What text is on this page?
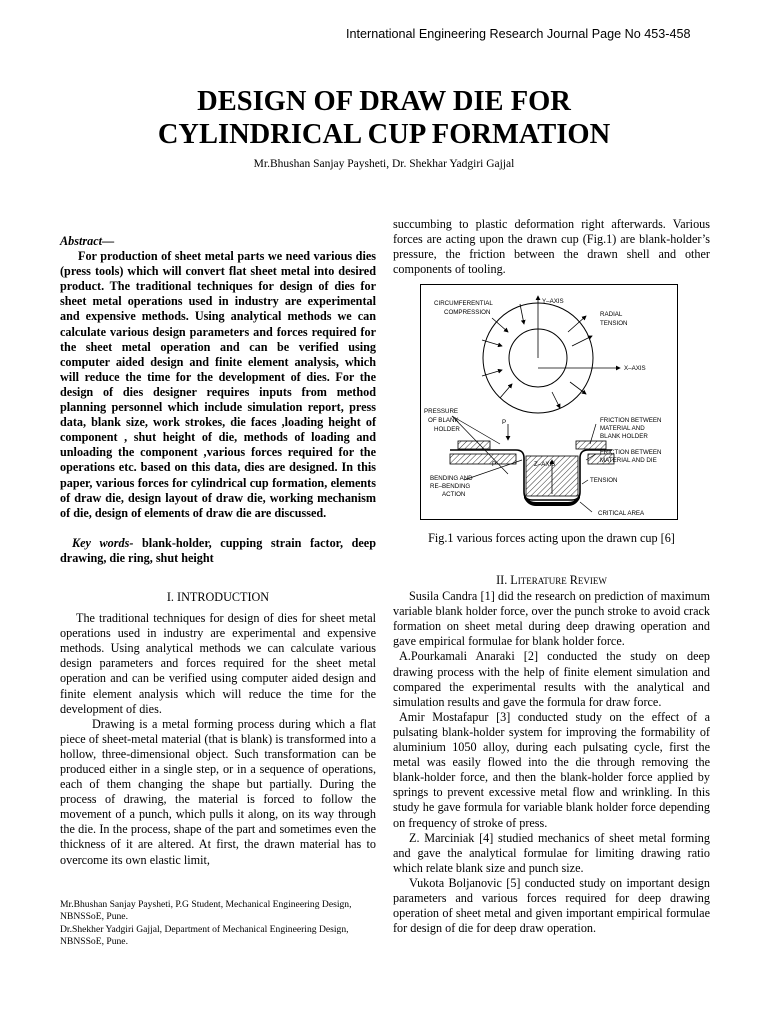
International Engineering Research Journal Page No 453-458
DESIGN OF DRAW DIE FOR
CYLINDRICAL CUP FORMATION
Mr.Bhushan Sanjay Paysheti, Dr. Shekhar Yadgiri Gajjal

Abstract—

For production of sheet metal parts we need various dies (press tools) which will convert flat sheet metal into desired product. The traditional techniques for design of dies for sheet metal operations used in industry are experimental and expensive methods. Using analytical methods we can calculate various design parameters and forces required for the sheet metal operation and can be verified using computer aided design and finite element analysis, which will reduce the time for the development of dies. For the design of dies designer requires inputs from method planning personnel which include simulation report, press data, blank size, work strokes, die faces ,loading height of component , shut height of die, methods of loading and unloading the component ,various forces required for the operations etc. based on this data, dies are designed. In this paper, various forces for cylindrical cup formation, elements of draw die, design layout of draw die, working mechanism of die, design of elements of draw die are discussed.

Key words- blank-holder, cupping strain factor, deep drawing, die ring, shut height

I. INTRODUCTION

The traditional techniques for design of dies for sheet metal operations used in industry are experimental and expensive methods. Using analytical methods we can calculate various design parameters and forces required for the sheet metal operation and can be verified using computer aided design and finite element analysis which will reduce the time for the development of dies.

Drawing is a metal forming process during which a flat piece of sheet-metal material (that is blank) is transformed into a hollow, three-dimensional object. Such transformation can be produced either in a single step, or in a sequence of operations, each of them changing the shape but partially. During the process of drawing, the material is forced to follow the movement of a punch, which pulls it along, on its way through the die. In the process, shape of the part and sometimes even the thickness of it are altered. At first, the drawn material has to overcome its own elastic limit,

Mr.Bhushan Sanjay Paysheti, P.G Student, Mechanical Engineering Design, NBNSSoE, Pune.

Dr.Shekher Yadgiri Gajjal, Department of Mechanical Engineering Design, NBNSSoE, Pune.

succumbing to plastic deformation right afterwards. Various forces are acting upon the drawn cup (Fig.1) are blank-holder’s pressure, the friction between the drawn shell and other components of tooling.

CIRCUMFERENTIAL
COMPRESSION
Y–AXIS
RADIAL
TENSION
X–AXIS
PRESSURE
OF BLANK
HOLDER
P
P
FRICTION BETWEEN
MATERIAL AND
BLANK HOLDER
FRICTION BETWEEN
MATERIAL AND DIE
Z–AXIS
BENDING AND
RE–BENDING
ACTION
TENSION
CRITICAL AREA
Fig.1 various forces acting upon the drawn cup [6]

II. Literature Review

Susila Candra [1] did the research on prediction of maximum variable blank holder force, over the punch stroke to avoid crack formation on sheet metal during deep drawing operation and gave empirical formulae for blank holder force.

A.Pourkamali Anaraki [2] conducted the study on deep drawing process with the help of finite element simulation and compared the experimental results with the analytical and simulation results and gave the formula for draw force.

Amir Mostafapur [3] conducted study on the effect of a pulsating blank-holder system for improving the formability of aluminium 1050 alloy, during each pulsating cycle, first the metal was easily flowed into the die through removing the blank-holder force, and then the blank-holder force applied by springs to prevent excessive metal flow and wrinkling. In this study he gave formula for variable blank holder force depending on frequency of stroke of press.

Z. Marciniak [4] studied mechanics of sheet metal forming and gave the analytical formulae for limiting drawing ratio which relate blank size and punch size.

Vukota Boljanovic [5] conducted study on important design parameters and various forces required for deep drawing operation of sheet metal and given important empirical formulae for design of die for deep draw operation.
